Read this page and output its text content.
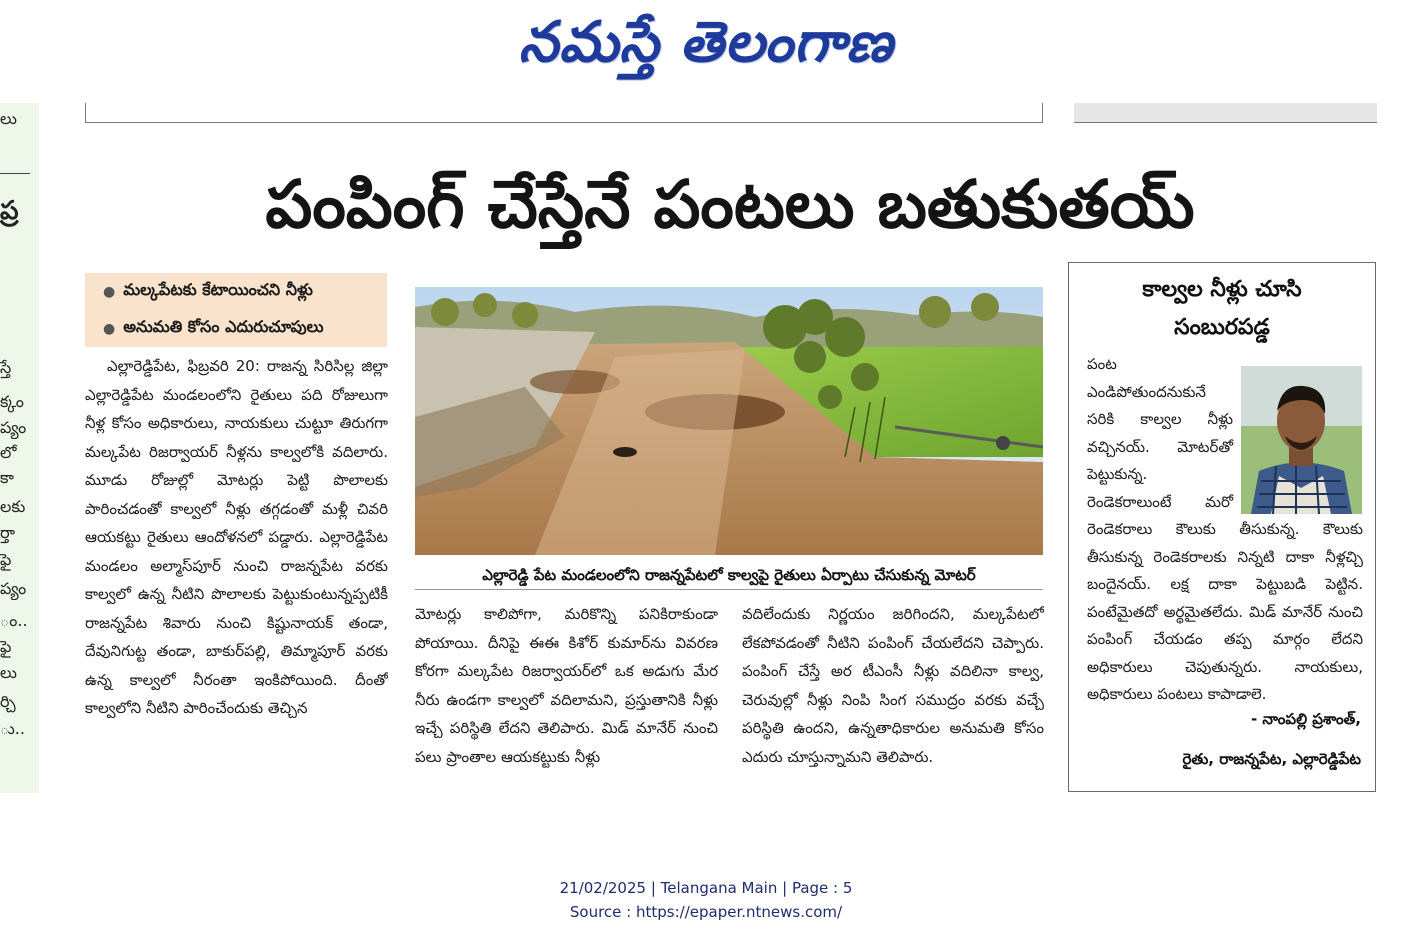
నమస్తే తెలంగాణ
లు
ప్ర
స్తే
క్కం
ప్యం
లో
కా
లకు
ర్తా
ఫై
ప్యం
ం..
ఫై
లు
ర్చి
ు..
పంపింగ్ చేస్తేనే పంటలు బతుకుతయ్
● మల్కపేటకు కేటాయించని నీళ్లు
● అనుమతి కోసం ఎదురుచూపులు
ఎల్లారెడ్డి పేట మండలంలోని రాజన్నపేటలో కాల్వపై రైతులు ఏర్పాటు చేసుకున్న మోటర్

ఎల్లారెడ్డిపేట, ఫిబ్రవరి 20: రాజన్న సిరిసిల్ల జిల్లా ఎల్లారెడ్డిపేట మండలంలోని రైతులు పది రోజులుగా నీళ్ల కోసం అధికారులు, నాయకులు చుట్టూ తిరుగగా మల్కపేట రిజర్వాయర్ నీళ్లను కాల్వలోకి వదిలారు. మూడు రోజుల్లో మోటర్లు పెట్టి పొలాలకు పారించడంతో కాల్వలో నీళ్లు తగ్గడంతో మళ్లీ చివరి ఆయకట్టు రైతులు ఆందోళనలో పడ్డారు. ఎల్లారెడ్డిపేట మండలం అల్మాస్‌పూర్ నుంచి రాజన్నపేట వరకు కాల్వలో ఉన్న నీటిని పొలాలకు పెట్టుకుంటున్నప్పటికీ రాజన్నపేట శివారు నుంచి కిష్టునాయక్ తండా, దేవునిగుట్ట తండా, బాకుర్‌పల్లి, తిమ్మాపూర్ వరకు ఉన్న కాల్వలో నీరంతా ఇంకిపోయింది. దీంతో కాల్వలోని నీటిని పారించేందుకు తెచ్చిన

మోటర్లు కాలిపోగా, మరికొన్ని పనికిరాకుండా పోయాయి. దీనిపై ఈఈ కిశోర్ కుమార్‌ను వివరణ కోరగా మల్కపేట రిజర్వాయర్‌లో ఒక అడుగు మేర నీరు ఉండగా కాల్వలో వదిలామని, ప్రస్తుతానికి నీళ్లు ఇచ్చే పరిస్థితి లేదని తెలిపారు. మిడ్ మానేర్ నుంచి పలు ప్రాంతాల ఆయకట్టుకు నీళ్లు

వదిలేందుకు నిర్ణయం జరిగిందని, మల్కపేటలో లేకపోవడంతో నీటిని పంపింగ్ చేయలేదని చెప్పారు. పంపింగ్ చేస్తే అర టీఎంసీ నీళ్లు వదిలినా కాల్వ, చెరువుల్లో నీళ్లు నింపి సింగ సముద్రం వరకు వచ్చే పరిస్థితి ఉందని, ఉన్నతాధికారుల అనుమతి కోసం ఎదురు చూస్తున్నామని తెలిపారు.

కాల్వల నీళ్లు చూసి
సంబురపడ్డ
పంట ఎండిపోతుందనుకునే సరికి కాల్వల నీళ్లు వచ్చినయ్. మోటర్‌తో పెట్టుకున్న. రెండెకరాలుంటే మరో రెండెకరాలు కౌలుకు తీసుకున్న. కౌలుకు తీసుకున్న రెండెకరాలకు నిన్నటి దాకా నీళ్లచ్చి బందైనయ్. లక్ష దాకా పెట్టుబడి పెట్టిన. పంటేమైతదో అర్థమైతలేదు. మిడ్ మానేర్ నుంచి పంపింగ్ చేయడం తప్ప మార్గం లేదని అధికారులు చెపుతున్నరు. నాయకులు, అధికారులు పంటలు కాపాడాలె.
- నాంపల్లి ప్రశాంత్,
రైతు, రాజన్నపేట, ఎల్లారెడ్డిపేట
21/02/2025 | Telangana Main | Page : 5
Source : https://epaper.ntnews.com/
